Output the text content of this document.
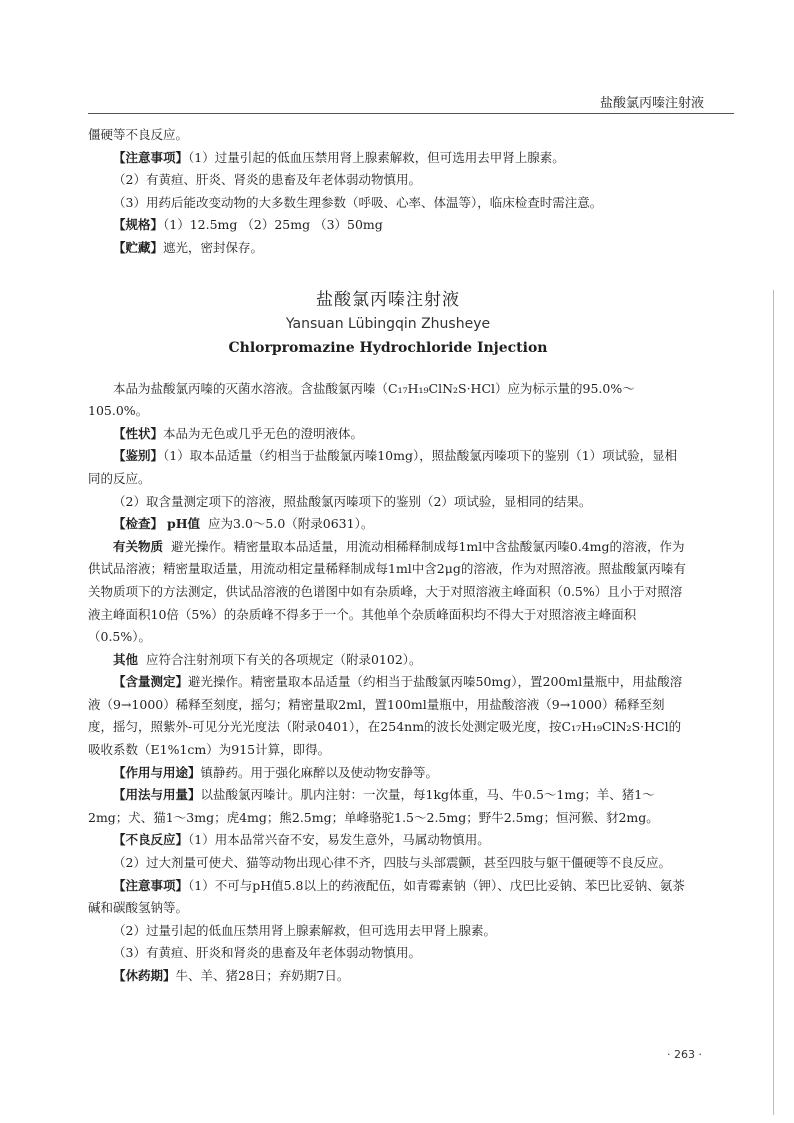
盐酸氯丙嗪注射液

僵硬等不良反应。

【注意事项】（1）过量引起的低血压禁用肾上腺素解救，但可选用去甲肾上腺素。

（2）有黄疸、肝炎、肾炎的患畜及年老体弱动物慎用。

（3）用药后能改变动物的大多数生理参数（呼吸、心率、体温等），临床检查时需注意。

【规格】（1）12.5mg （2）25mg （3）50mg

【贮藏】遮光，密封保存。

盐酸氯丙嗪注射液
Yansuan Lübingqin Zhusheye
Chlorpromazine Hydrochloride Injection

本品为盐酸氯丙嗪的灭菌水溶液。含盐酸氯丙嗪（C₁₇H₁₉ClN₂S·HCl）应为标示量的95.0%～105.0%。

【性状】本品为无色或几乎无色的澄明液体。

【鉴别】（1）取本品适量（约相当于盐酸氯丙嗪10mg），照盐酸氯丙嗪项下的鉴别（1）项试验，显相同的反应。

（2）取含量测定项下的溶液，照盐酸氯丙嗪项下的鉴别（2）项试验，显相同的结果。

【检查】 pH值 应为3.0～5.0（附录0631）。

有关物质 避光操作。精密量取本品适量，用流动相稀释制成每1ml中含盐酸氯丙嗪0.4mg的溶液，作为供试品溶液；精密量取适量，用流动相定量稀释制成每1ml中含2μg的溶液，作为对照溶液。照盐酸氯丙嗪有关物质项下的方法测定，供试品溶液的色谱图中如有杂质峰，大于对照溶液主峰面积（0.5%）且小于对照溶液主峰面积10倍（5%）的杂质峰不得多于一个。其他单个杂质峰面积均不得大于对照溶液主峰面积（0.5%）。

其他 应符合注射剂项下有关的各项规定（附录0102）。

【含量测定】避光操作。精密量取本品适量（约相当于盐酸氯丙嗪50mg），置200ml量瓶中，用盐酸溶液（9→1000）稀释至刻度，摇匀；精密量取2ml，置100ml量瓶中，用盐酸溶液（9→1000）稀释至刻度，摇匀，照紫外-可见分光光度法（附录0401），在254nm的波长处测定吸光度，按C₁₇H₁₉ClN₂S·HCl的吸收系数（E1%1cm）为915计算，即得。

【作用与用途】镇静药。用于强化麻醉以及使动物安静等。

【用法与用量】以盐酸氯丙嗪计。肌内注射：一次量，每1kg体重，马、牛0.5～1mg；羊、猪1～2mg；犬、猫1～3mg；虎4mg；熊2.5mg；单峰骆驼1.5～2.5mg；野牛2.5mg；恒河猴、豺2mg。

【不良反应】（1）用本品常兴奋不安，易发生意外，马属动物慎用。

（2）过大剂量可使犬、猫等动物出现心律不齐，四肢与头部震颤，甚至四肢与躯干僵硬等不良反应。

【注意事项】（1）不可与pH值5.8以上的药液配伍，如青霉素钠（钾）、戊巴比妥钠、苯巴比妥钠、氨茶碱和碳酸氢钠等。

（2）过量引起的低血压禁用肾上腺素解救，但可选用去甲肾上腺素。

（3）有黄疸、肝炎和肾炎的患畜及年老体弱动物慎用。

【休药期】牛、羊、猪28日；弃奶期7日。

· 263 ·
